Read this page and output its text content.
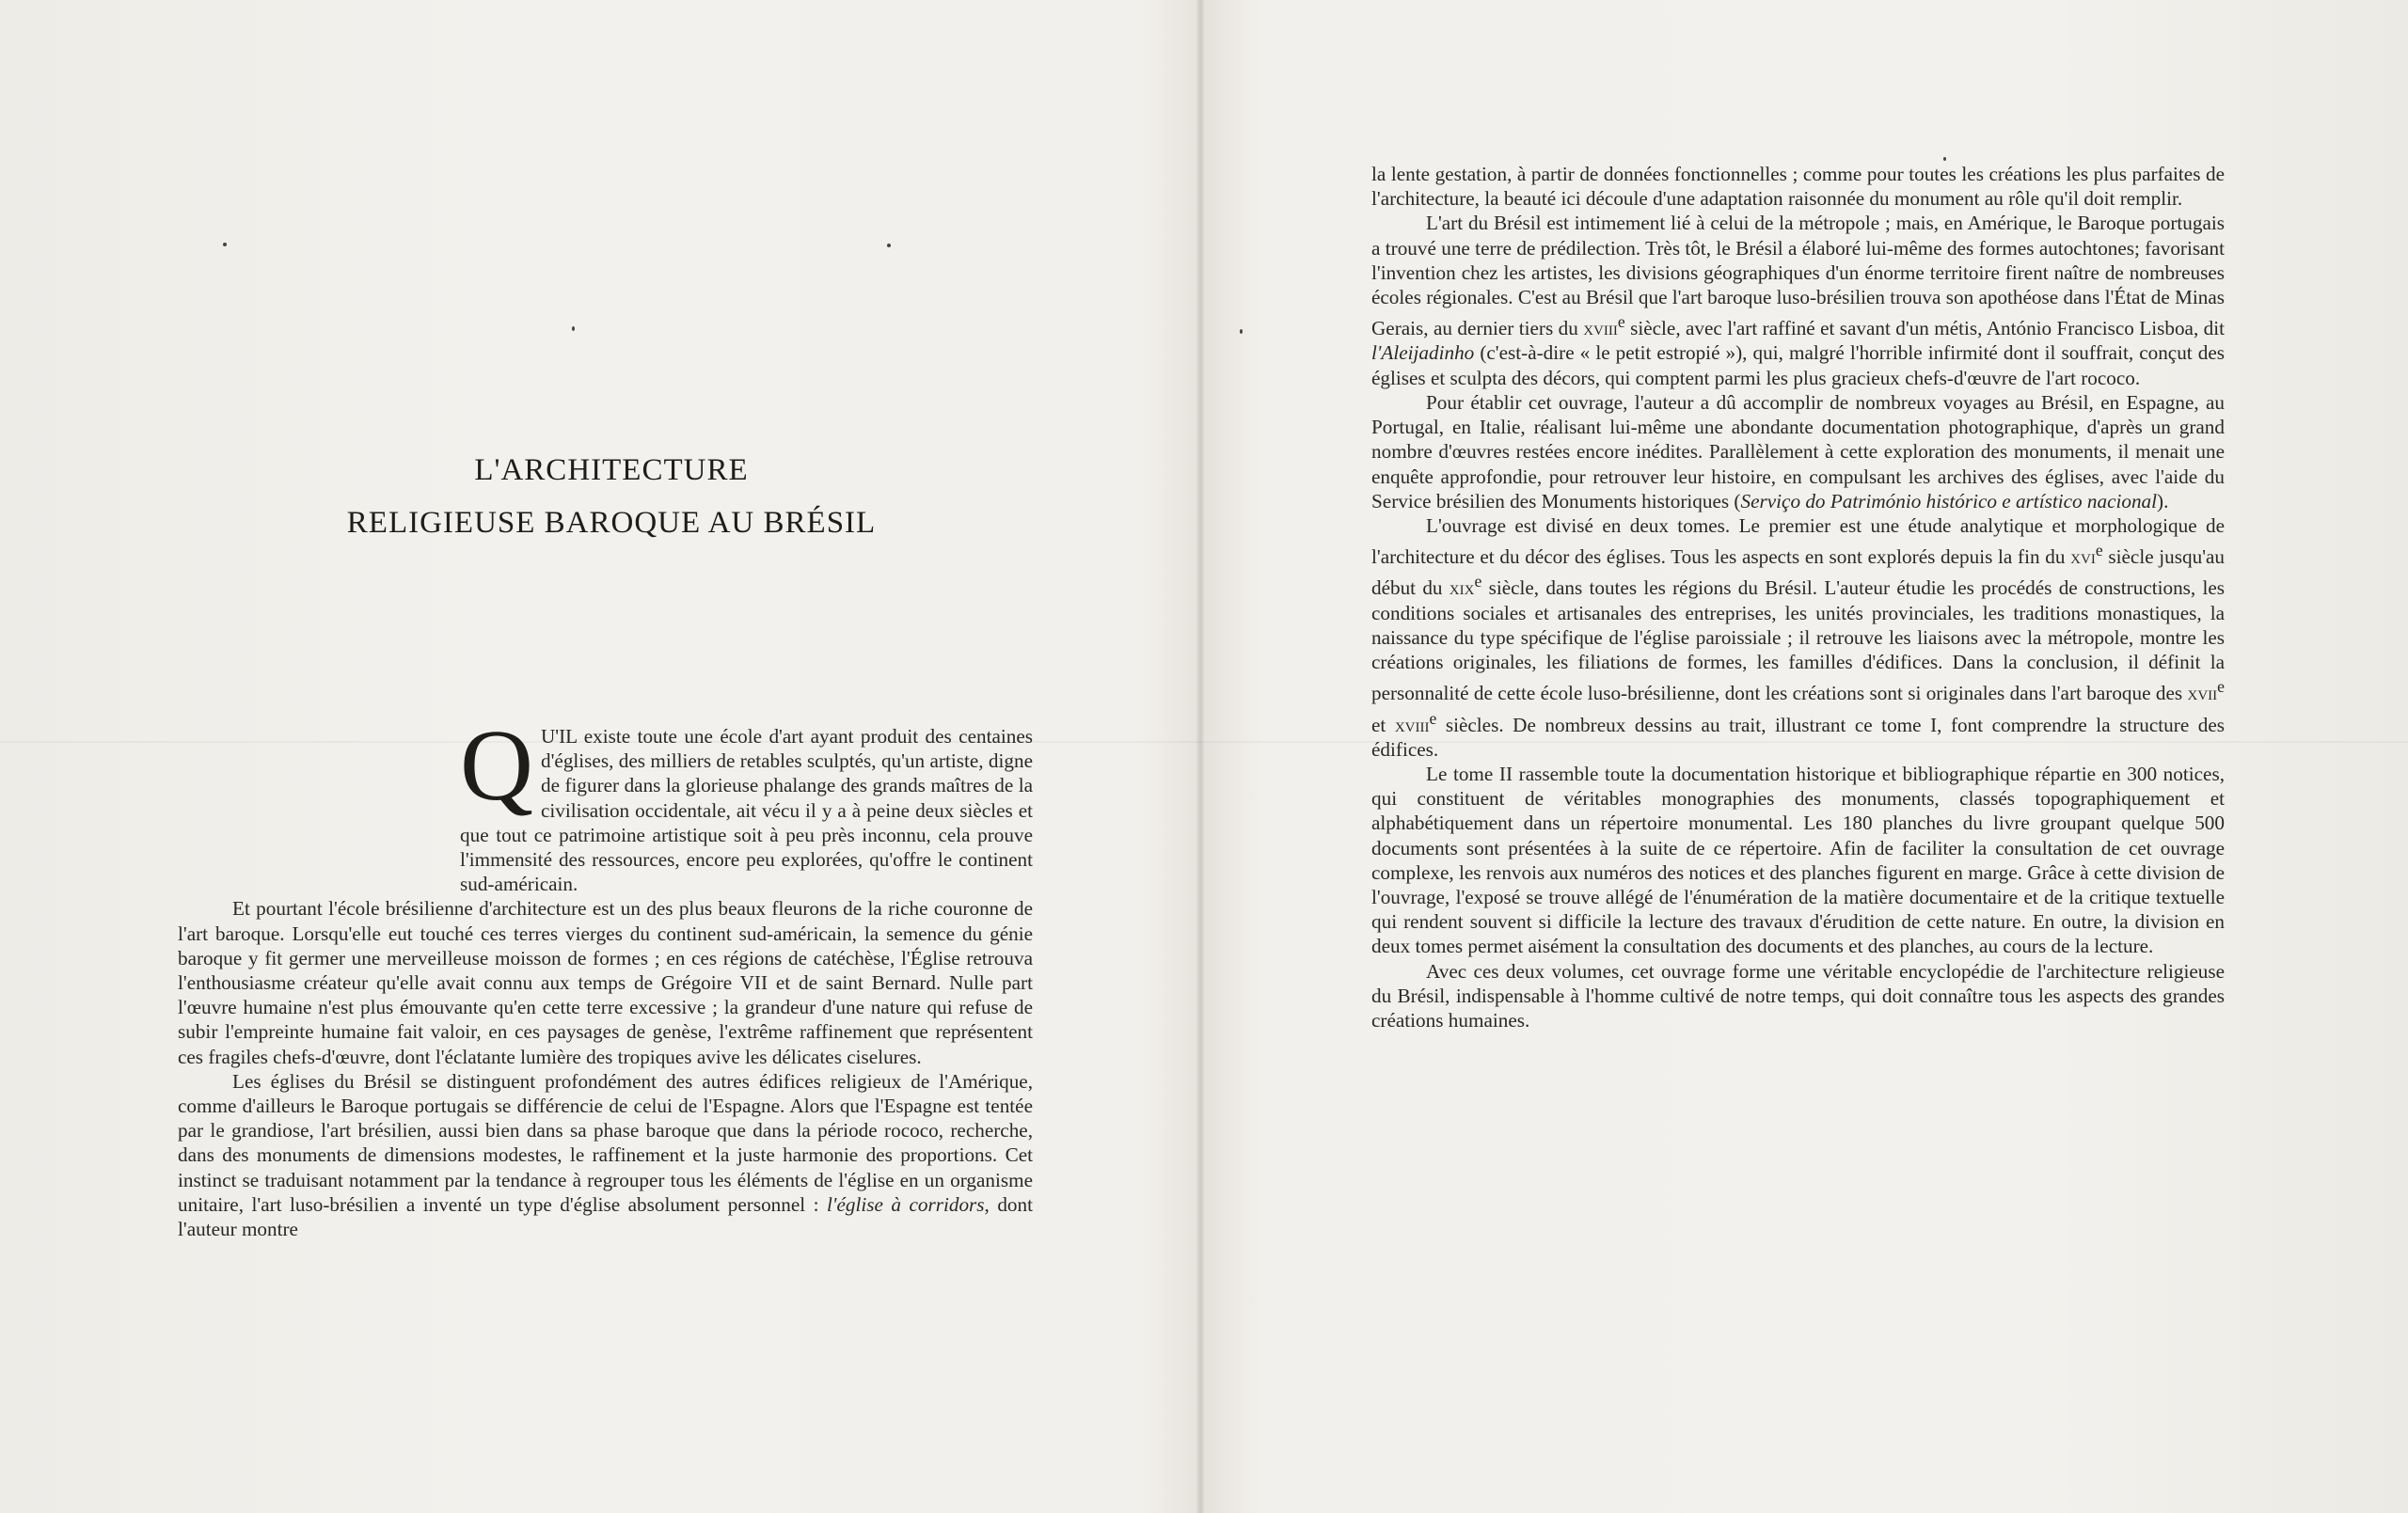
L'ARCHITECTURE
RELIGIEUSE BAROQUE AU BRÉSIL

Q U'IL existe toute une école d'art ayant produit des centaines d'églises, des milliers de retables sculptés, qu'un artiste, digne de figurer dans la glorieuse phalange des grands maîtres de la civilisation occidentale, ait vécu il y a à peine deux siècles et que tout ce patrimoine artistique soit à peu près inconnu, cela prouve l'immensité des ressources, encore peu explorées, qu'offre le continent sud-américain.

Et pourtant l'école brésilienne d'architecture est un des plus beaux fleurons de la riche couronne de l'art baroque. Lorsqu'elle eut touché ces terres vierges du continent sud-américain, la semence du génie baroque y fit germer une merveilleuse moisson de formes ; en ces régions de catéchèse, l'Église retrouva l'enthousiasme créateur qu'elle avait connu aux temps de Grégoire VII et de saint Bernard. Nulle part l'œuvre humaine n'est plus émouvante qu'en cette terre excessive ; la grandeur d'une nature qui refuse de subir l'empreinte humaine fait valoir, en ces paysages de genèse, l'extrême raffinement que représentent ces fragiles chefs-d'œuvre, dont l'éclatante lumière des tropiques avive les délicates ciselures.

Les églises du Brésil se distinguent profondément des autres édifices religieux de l'Amérique, comme d'ailleurs le Baroque portugais se différencie de celui de l'Espagne. Alors que l'Espagne est tentée par le grandiose, l'art brésilien, aussi bien dans sa phase baroque que dans la période rococo, recherche, dans des monuments de dimensions modestes, le raffinement et la juste harmonie des proportions. Cet instinct se traduisant notamment par la tendance à regrouper tous les éléments de l'église en un organisme unitaire, l'art luso-brésilien a inventé un type d'église absolument personnel : l'église à corridors, dont l'auteur montre

la lente gestation, à partir de données fonctionnelles ; comme pour toutes les créations les plus parfaites de l'architecture, la beauté ici découle d'une adaptation raisonnée du monument au rôle qu'il doit remplir.

L'art du Brésil est intimement lié à celui de la métropole ; mais, en Amérique, le Baroque portugais a trouvé une terre de prédilection. Très tôt, le Brésil a élaboré lui-même des formes autochtones; favorisant l'invention chez les artistes, les divisions géographiques d'un énorme territoire firent naître de nombreuses écoles régionales. C'est au Brésil que l'art baroque luso-brésilien trouva son apothéose dans l'État de Minas Gerais, au dernier tiers du xviii$^e$ siècle, avec l'art raffiné et savant d'un métis, António Francisco Lisboa, dit l'Aleijadinho (c'est-à-dire « le petit estropié »), qui, malgré l'horrible infirmité dont il souffrait, conçut des églises et sculpta des décors, qui comptent parmi les plus gracieux chefs-d'œuvre de l'art rococo.

Pour établir cet ouvrage, l'auteur a dû accomplir de nombreux voyages au Brésil, en Espagne, au Portugal, en Italie, réalisant lui-même une abondante documentation photographique, d'après un grand nombre d'œuvres restées encore inédites. Parallèlement à cette exploration des monuments, il menait une enquête approfondie, pour retrouver leur histoire, en compulsant les archives des églises, avec l'aide du Service brésilien des Monuments historiques (Serviço do Património histórico e artístico nacional).

L'ouvrage est divisé en deux tomes. Le premier est une étude analytique et morphologique de l'architecture et du décor des églises. Tous les aspects en sont explorés depuis la fin du xvi$^e$ siècle jusqu'au début du xix$^e$ siècle, dans toutes les régions du Brésil. L'auteur étudie les procédés de constructions, les conditions sociales et artisanales des entreprises, les unités provinciales, les traditions monastiques, la naissance du type spécifique de l'église paroissiale ; il retrouve les liaisons avec la métropole, montre les créations originales, les filiations de formes, les familles d'édifices. Dans la conclusion, il définit la personnalité de cette école luso-brésilienne, dont les créations sont si originales dans l'art baroque des xvii$^e$ et xviii$^e$ siècles. De nombreux dessins au trait, illustrant ce tome I, font comprendre la structure des édifices.

Le tome II rassemble toute la documentation historique et bibliographique répartie en 300 notices, qui constituent de véritables monographies des monuments, classés topographiquement et alphabétiquement dans un répertoire monumental. Les 180 planches du livre groupant quelque 500 documents sont présentées à la suite de ce répertoire. Afin de faciliter la consultation de cet ouvrage complexe, les renvois aux numéros des notices et des planches figurent en marge. Grâce à cette division de l'ouvrage, l'exposé se trouve allégé de l'énumération de la matière documentaire et de la critique textuelle qui rendent souvent si difficile la lecture des travaux d'érudition de cette nature. En outre, la division en deux tomes permet aisément la consultation des documents et des planches, au cours de la lecture.

Avec ces deux volumes, cet ouvrage forme une véritable encyclopédie de l'architecture religieuse du Brésil, indispensable à l'homme cultivé de notre temps, qui doit connaître tous les aspects des grandes créations humaines.
